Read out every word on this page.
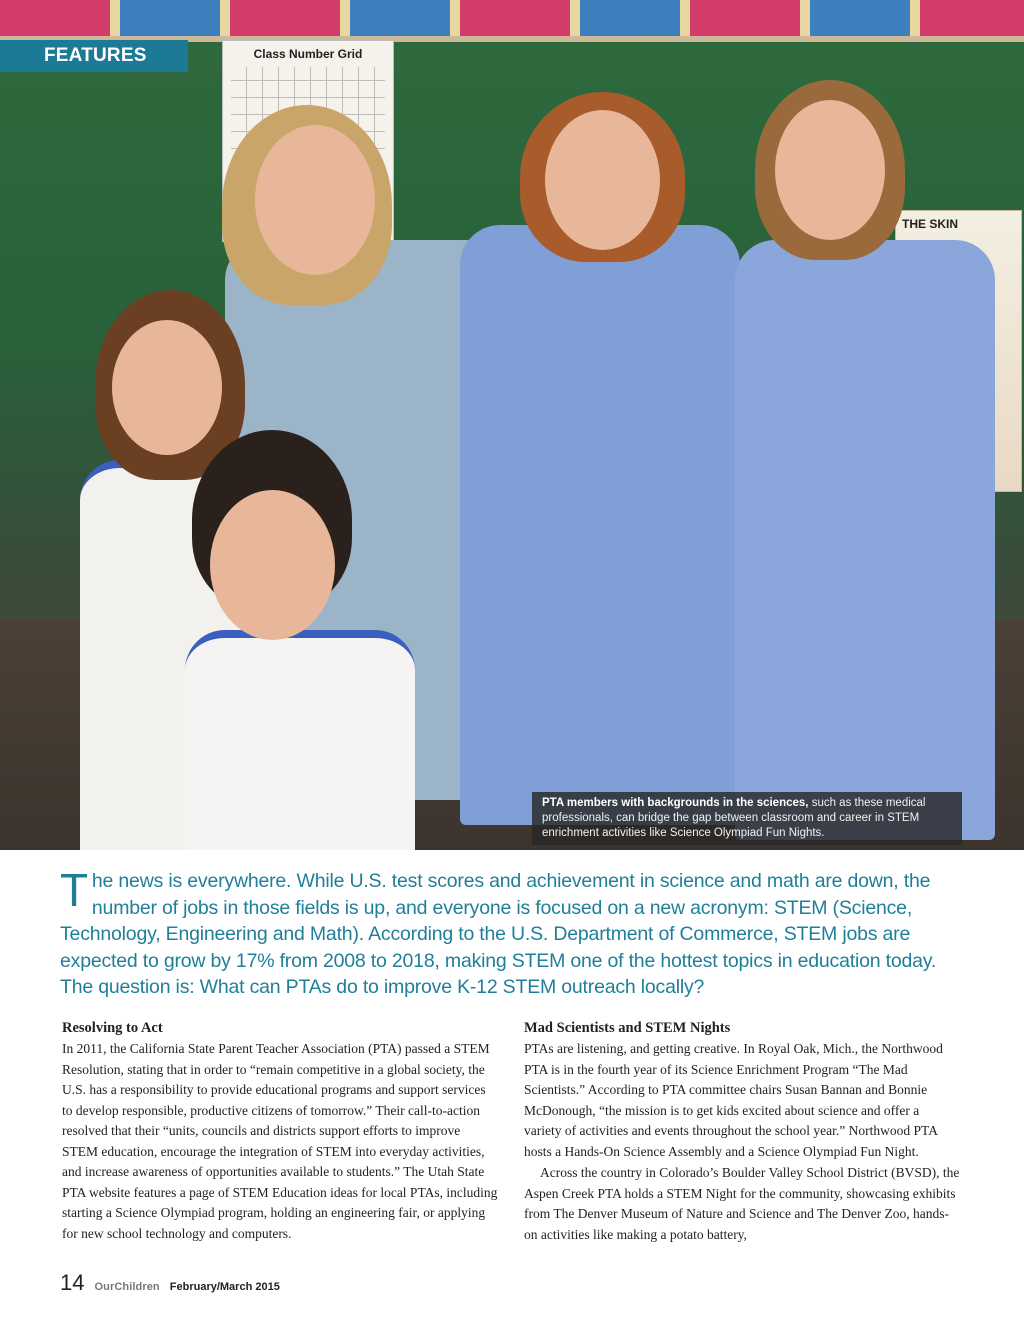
Class Number Grid
THE SKIN
FEATURES
PTA members with backgrounds in the sciences, such as these medical professionals, can bridge the gap between classroom and career in STEM enrichment activities like Science Olympiad Fun Nights.
The news is everywhere. While U.S. test scores and achievement in science and math are down, the number of jobs in those fields is up, and everyone is focused on a new acronym: STEM (Science, Technology, Engineering and Math). According to the U.S. Department of Commerce, STEM jobs are expected to grow by 17% from 2008 to 2018, making STEM one of the hottest topics in education today. The question is: What can PTAs do to improve K-12 STEM outreach locally?
Resolving to Act

In 2011, the California State Parent Teacher Association (PTA) passed a STEM Resolution, stating that in order to “remain competitive in a global society, the U.S. has a responsibility to provide educational programs and support services to develop responsible, productive citizens of tomorrow.” Their call-to-action resolved that their “units, councils and districts support efforts to improve STEM education, encourage the integration of STEM into everyday activities, and increase awareness of opportunities available to students.” The Utah State PTA website features a page of STEM Education ideas for local PTAs, including starting a Science Olympiad program, holding an engineering fair, or applying for new school technology and computers.

Mad Scientists and STEM Nights

PTAs are listening, and getting creative. In Royal Oak, Mich., the Northwood PTA is in the fourth year of its Science Enrichment Program “The Mad Scientists.” According to PTA committee chairs Susan Bannan and Bonnie McDonough, “the mission is to get kids excited about science and offer a variety of activities and events throughout the school year.” Northwood PTA hosts a Hands-On Science Assembly and a Science Olympiad Fun Night.

Across the country in Colorado’s Boulder Valley School District (BVSD), the Aspen Creek PTA holds a STEM Night for the community, showcasing exhibits from The Denver Museum of Nature and Science and The Denver Zoo, hands-on activities like making a potato battery,

14 OurChildren February/March 2015
